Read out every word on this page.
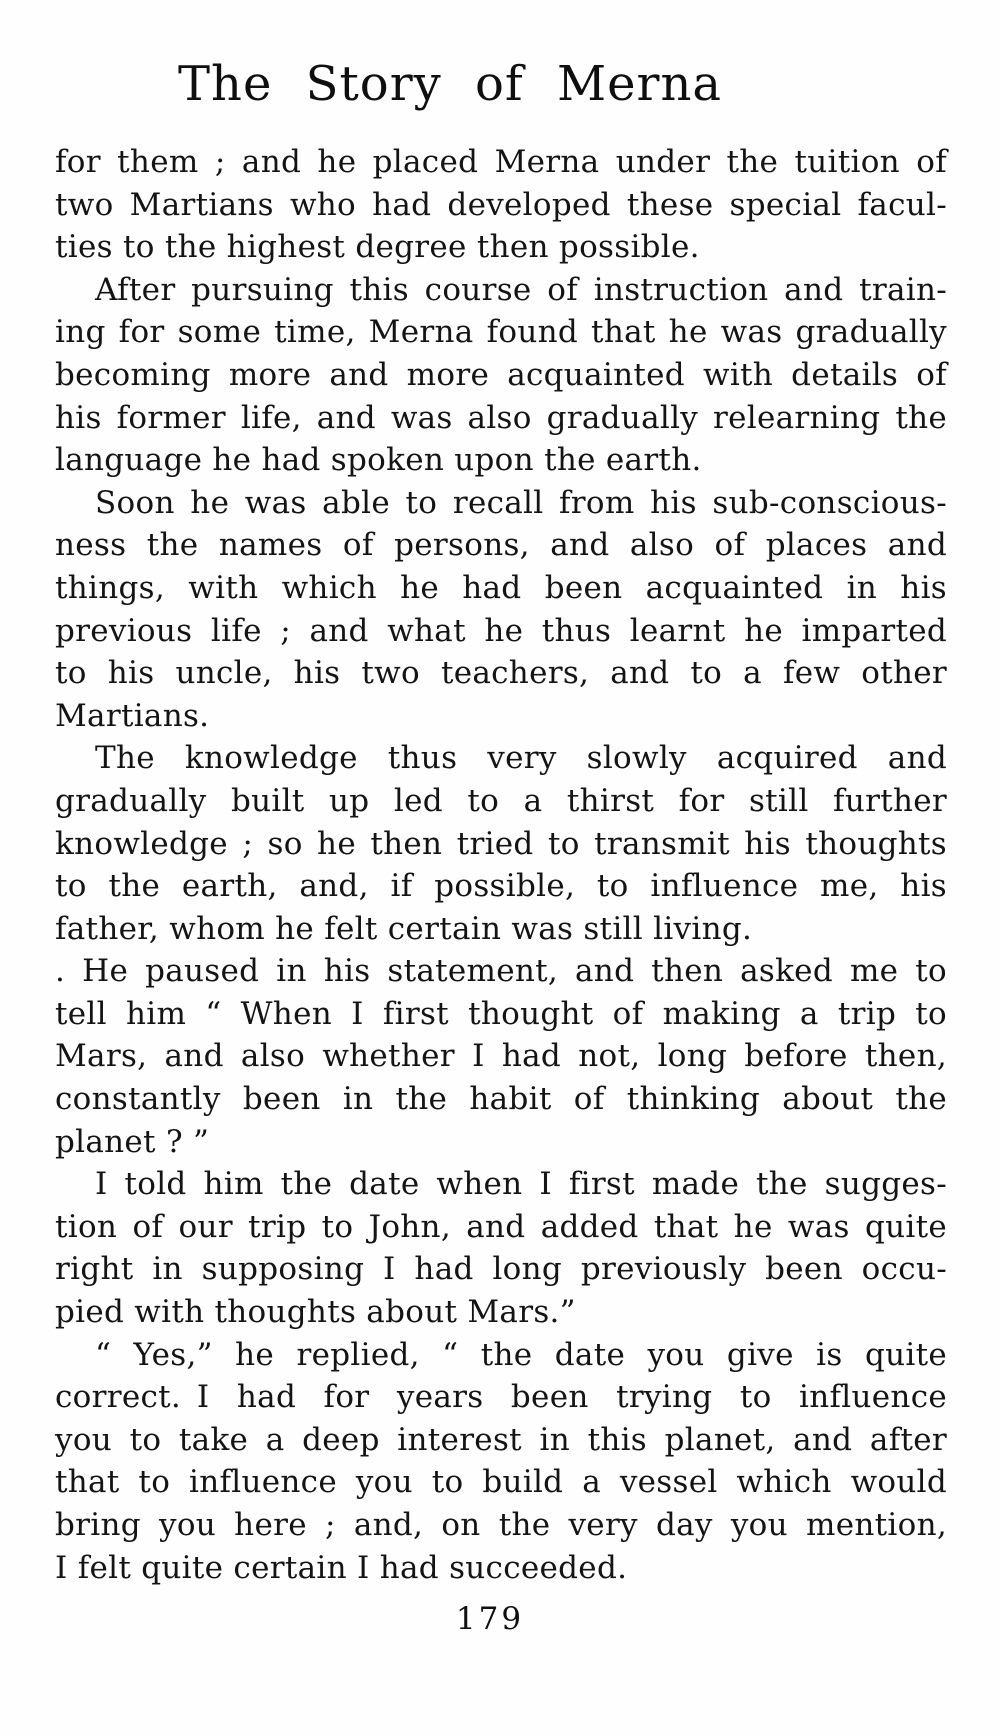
The Story of Merna
for them ; and he placed Merna under the tuition of
two Martians who had developed these special facul-
ties to the highest degree then possible.
After pursuing this course of instruction and train-
ing for some time, Merna found that he was gradually
becoming more and more acquainted with details of
his former life, and was also gradually relearning the
language he had spoken upon the earth.
Soon he was able to recall from his sub-conscious-
ness the names of persons, and also of places and
things, with which he had been acquainted in his
previous life ; and what he thus learnt he imparted
to his uncle, his two teachers, and to a few other
Martians.
The knowledge thus very slowly acquired and
gradually built up led to a thirst for still further
knowledge ; so he then tried to transmit his thoughts
to the earth, and, if possible, to influence me, his
father, whom he felt certain was still living.
. He paused in his statement, and then asked me to
tell him “ When I first thought of making a trip to
Mars, and also whether I had not, long before then,
constantly been in the habit of thinking about the
planet ? ”
I told him the date when I first made the sugges-
tion of our trip to John, and added that he was quite
right in supposing I had long previously been occu-
pied with thoughts about Mars.”
“ Yes,” he replied, “ the date you give is quite
correct. I had for years been trying to influence
you to take a deep interest in this planet, and after
that to influence you to build a vessel which would
bring you here ; and, on the very day you mention,
I felt quite certain I had succeeded.
179
